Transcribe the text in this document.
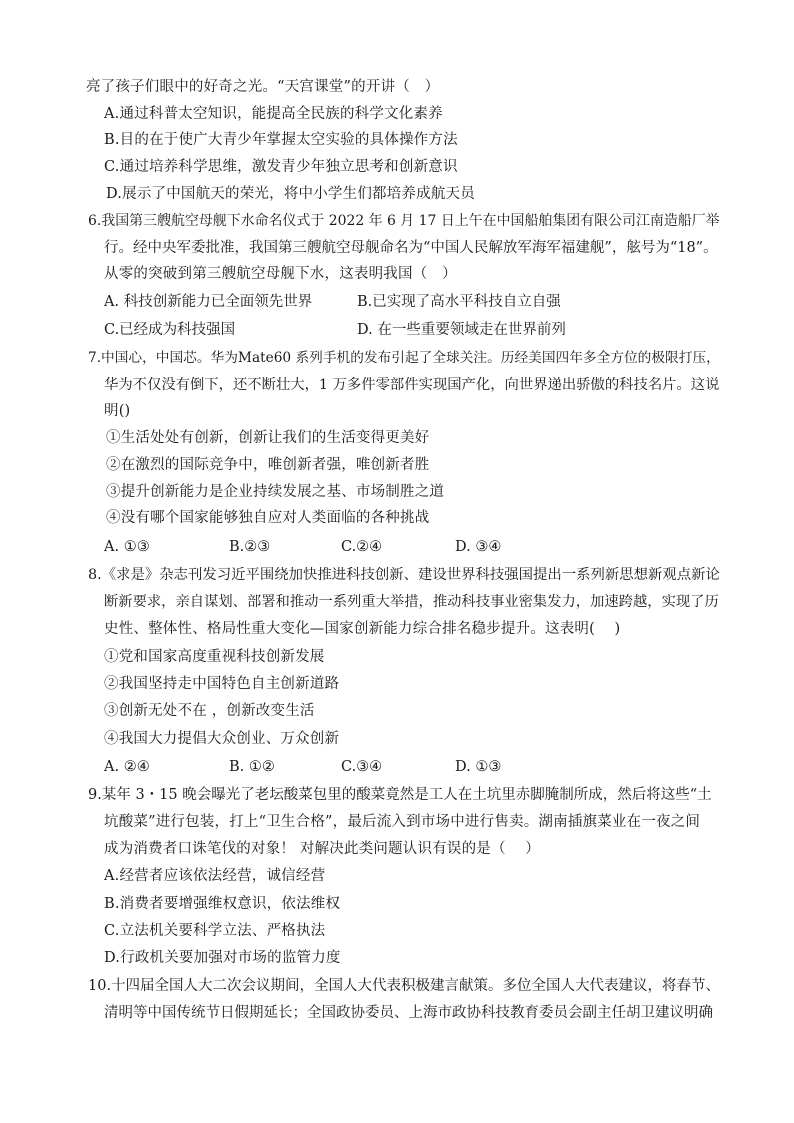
亮了孩子们眼中的好奇之光。“天宫课堂”的开讲（　）
A.通过科普太空知识，能提高全民族的科学文化素养
B.目的在于使广大青少年掌握太空实验的具体操作方法
C.通过培养科学思维，激发青少年独立思考和创新意识
D.展示了中国航天的荣光，将中小学生们都培养成航天员
6.我国第三艘航空母舰下水命名仪式于 2022 年 6 月 17 日上午在中国船舶集团有限公司江南造船厂举
行。经中央军委批准，我国第三艘航空母舰命名为“中国人民解放军海军福建舰”，舷号为“18”。
从零的突破到第三艘航空母舰下水，这表明我国（　）
A. 科技创新能力已全面领先世界	B.已实现了高水平科技自立自强
C.已经成为科技强国	D. 在一些重要领域走在世界前列
7.中国心，中国芯。华为Mate60 系列手机的发布引起了全球关注。历经美国四年多全方位的极限打压，
华为不仅没有倒下，还不断壮大，1 万多件零部件实现国产化，向世界递出骄傲的科技名片。这说
明()
①生活处处有创新，创新让我们的生活变得更美好
②在激烈的国际竞争中，唯创新者强，唯创新者胜
③提升创新能力是企业持续发展之基、市场制胜之道
④没有哪个国家能够独自应对人类面临的各种挑战
A. ①③	B.②③	C.②④	D. ③④
8.《求是》杂志刊发习近平围绕加快推进科技创新、建设世界科技强国提出一系列新思想新观点新论
断新要求，亲自谋划、部署和推动一系列重大举措，推动科技事业密集发力，加速跨越，实现了历
史性、整体性、格局性重大变化—国家创新能力综合排名稳步提升。这表明(　 )
①党和国家高度重视科技创新发展
②我国坚持走中国特色自主创新道路
③创新无处不在 ，创新改变生活
④我国大力提倡大众创业、万众创新
A. ②④	B. ①②	C.③④	D. ①③
9.某年 3・15 晚会曝光了老坛酸菜包里的酸菜竟然是工人在土坑里赤脚腌制所成，然后将这些“土
坑酸菜”进行包装，打上“卫生合格”，最后流入到市场中进行售卖。湖南插旗菜业在一夜之间
成为消费者口诛笔伐的对象！ 对解决此类问题认识有误的是（　 ）
A.经营者应该依法经营，诚信经营
B.消费者要增强维权意识，依法维权
C.立法机关要科学立法、严格执法
D.行政机关要加强对市场的监管力度
10.十四届全国人大二次会议期间，全国人大代表积极建言献策。多位全国人大代表建议，将春节、
清明等中国传统节日假期延长；全国政协委员、上海市政协科技教育委员会副主任胡卫建议明确
